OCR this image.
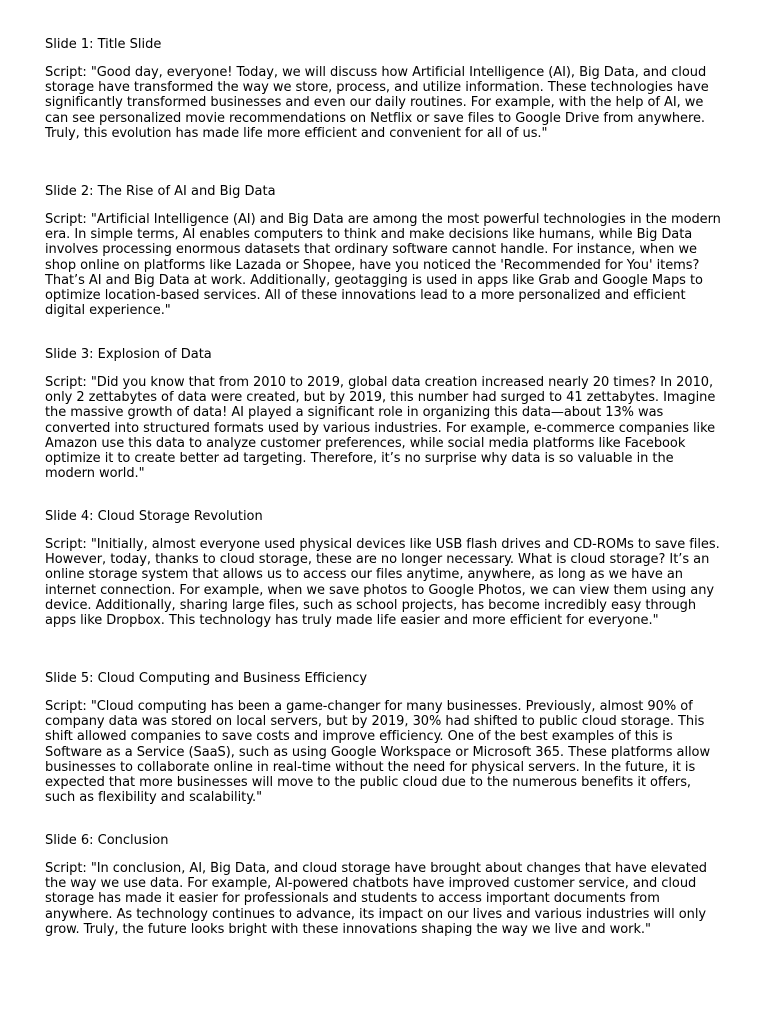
Slide 1: Title Slide

Script: "Good day, everyone! Today, we will discuss how Artificial Intelligence (AI), Big Data, and cloud storage have transformed the way we store, process, and utilize information. These technologies have significantly transformed businesses and even our daily routines. For example, with the help of AI, we can see personalized movie recommendations on Netflix or save files to Google Drive from anywhere. Truly, this evolution has made life more efficient and convenient for all of us."

Slide 2: The Rise of AI and Big Data

Script: "Artificial Intelligence (AI) and Big Data are among the most powerful technologies in the modern era. In simple terms, AI enables computers to think and make decisions like humans, while Big Data involves processing enormous datasets that ordinary software cannot handle. For instance, when we shop online on platforms like Lazada or Shopee, have you noticed the 'Recommended for You' items? That’s AI and Big Data at work. Additionally, geotagging is used in apps like Grab and Google Maps to optimize location-based services. All of these innovations lead to a more personalized and efficient digital experience."

Slide 3: Explosion of Data

Script: "Did you know that from 2010 to 2019, global data creation increased nearly 20 times? In 2010, only 2 zettabytes of data were created, but by 2019, this number had surged to 41 zettabytes. Imagine the massive growth of data! AI played a significant role in organizing this data—about 13% was converted into structured formats used by various industries. For example, e-commerce companies like Amazon use this data to analyze customer preferences, while social media platforms like Facebook optimize it to create better ad targeting. Therefore, it’s no surprise why data is so valuable in the modern world."

Slide 4: Cloud Storage Revolution

Script: "Initially, almost everyone used physical devices like USB flash drives and CD-ROMs to save files. However, today, thanks to cloud storage, these are no longer necessary. What is cloud storage? It’s an online storage system that allows us to access our files anytime, anywhere, as long as we have an internet connection. For example, when we save photos to Google Photos, we can view them using any device. Additionally, sharing large files, such as school projects, has become incredibly easy through apps like Dropbox. This technology has truly made life easier and more efficient for everyone."

Slide 5: Cloud Computing and Business Efficiency

Script: "Cloud computing has been a game-changer for many businesses. Previously, almost 90% of company data was stored on local servers, but by 2019, 30% had shifted to public cloud storage. This shift allowed companies to save costs and improve efficiency. One of the best examples of this is Software as a Service (SaaS), such as using Google Workspace or Microsoft 365. These platforms allow businesses to collaborate online in real-time without the need for physical servers. In the future, it is expected that more businesses will move to the public cloud due to the numerous benefits it offers, such as flexibility and scalability."

Slide 6: Conclusion

Script: "In conclusion, AI, Big Data, and cloud storage have brought about changes that have elevated the way we use data. For example, AI-powered chatbots have improved customer service, and cloud storage has made it easier for professionals and students to access important documents from anywhere. As technology continues to advance, its impact on our lives and various industries will only grow. Truly, the future looks bright with these innovations shaping the way we live and work."
